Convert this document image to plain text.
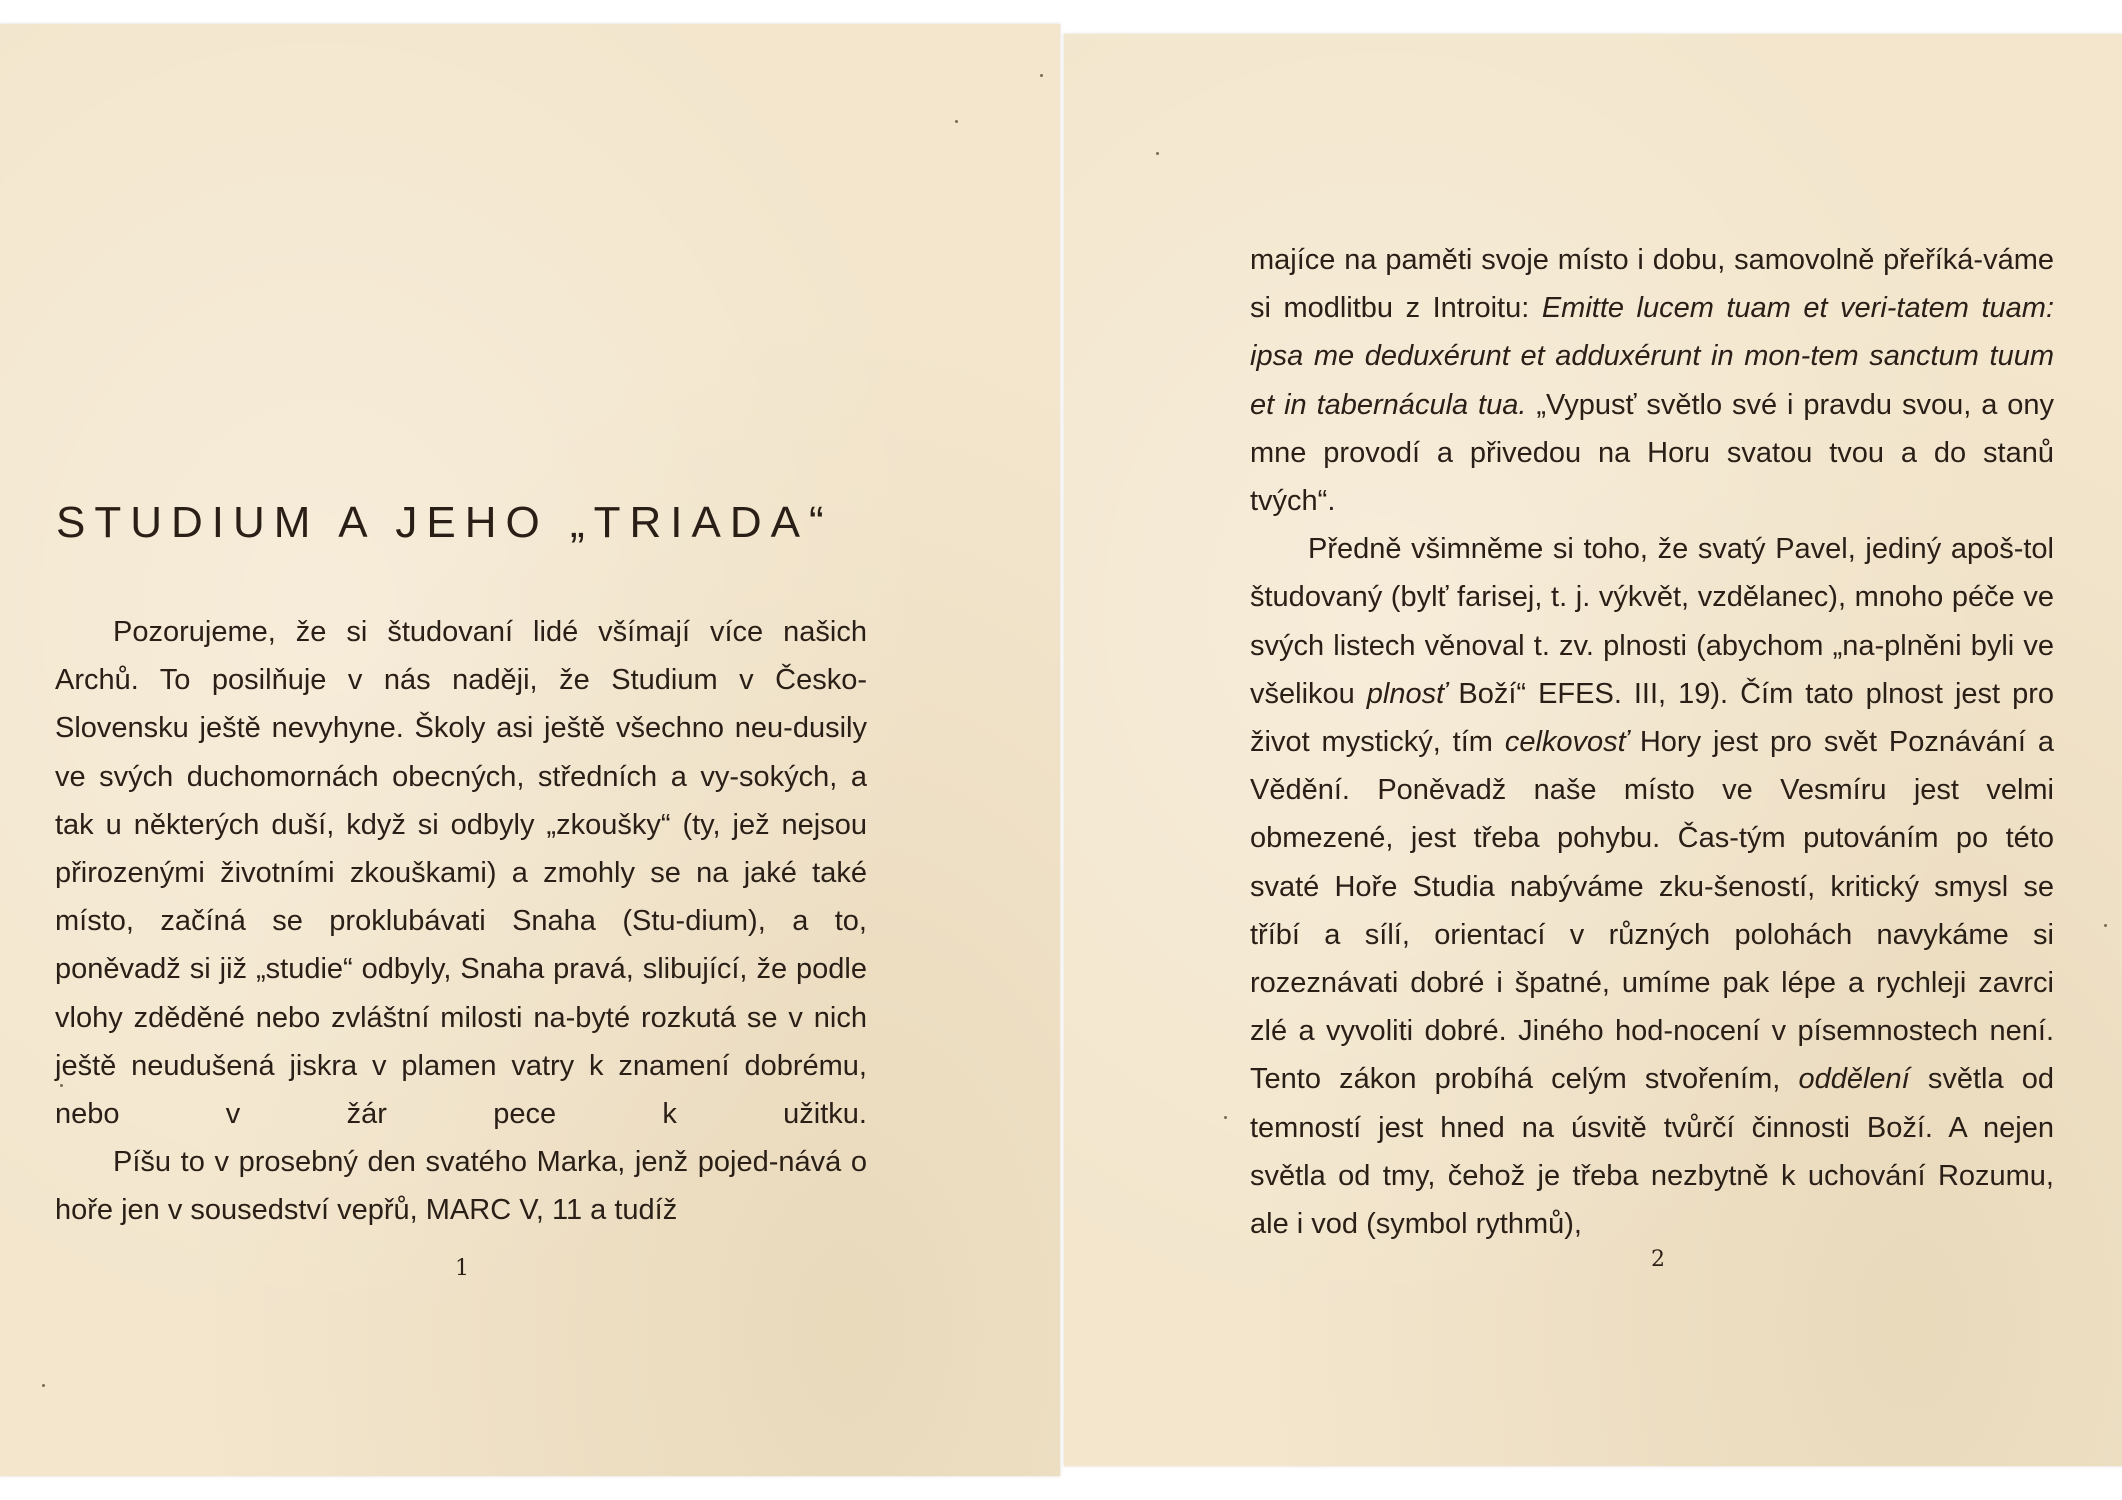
STUDIUM A JEHO „TRIADA“

Pozorujeme, že si študovaní lidé všímají více našich Archů. To posilňuje v nás naději, že Studium v Česko-Slovensku ještě nevyhyne. Školy asi ještě všechno neu-dusily ve svých duchomornách obecných, středních a vy-sokých, a tak u některých duší, když si odbyly „zkoušky“ (ty, jež nejsou přirozenými životními zkouškami) a zmohly se na jaké také místo, začíná se proklubávati Snaha (Stu-dium), a to, poněvadž si již „studie“ odbyly, Snaha pravá, slibující, že podle vlohy zděděné nebo zvláštní milosti na-byté rozkutá se v nich ještě neudušená jiskra v plamen vatry k znamení dobrému, nebo v žár pece k užitku.

Píšu to v prosebný den svatého Marka, jenž pojed-nává o hoře jen v sousedství vepřů, MARC V, 11 a tudíž

1

majíce na paměti svoje místo i dobu, samovolně přeříká-váme si modlitbu z Introitu: Emitte lucem tuam et veri-tatem tuam: ipsa me deduxérunt et adduxérunt in mon-tem sanctum tuum et in tabernácula tua. „Vypusť světlo své i pravdu svou, a ony mne provodí a přivedou na Horu svatou tvou a do stanů tvých“.

Předně všimněme si toho, že svatý Pavel, jediný apoš-tol študovaný (bylť farisej, t. j. výkvět, vzdělanec), mnoho péče ve svých listech věnoval t. zv. plnosti (abychom „na-plněni byli ve všelikou plnosť Boží“ EFES. III, 19). Čím tato plnost jest pro život mystický, tím celkovosť Hory jest pro svět Poznávání a Vědění. Poněvadž naše místo ve Vesmíru jest velmi obmezené, jest třeba pohybu. Čas-tým putováním po této svaté Hoře Studia nabýváme zku-šeností, kritický smysl se tříbí a sílí, orientací v různých polohách navykáme si rozeznávati dobré i špatné, umíme pak lépe a rychleji zavrci zlé a vyvoliti dobré. Jiného hod-nocení v písemnostech není. Tento zákon probíhá celým stvořením, oddělení světla od temností jest hned na úsvitě tvůrčí činnosti Boží. A nejen světla od tmy, čehož je třeba nezbytně k uchování Rozumu, ale i vod (symbol rythmů),

2
